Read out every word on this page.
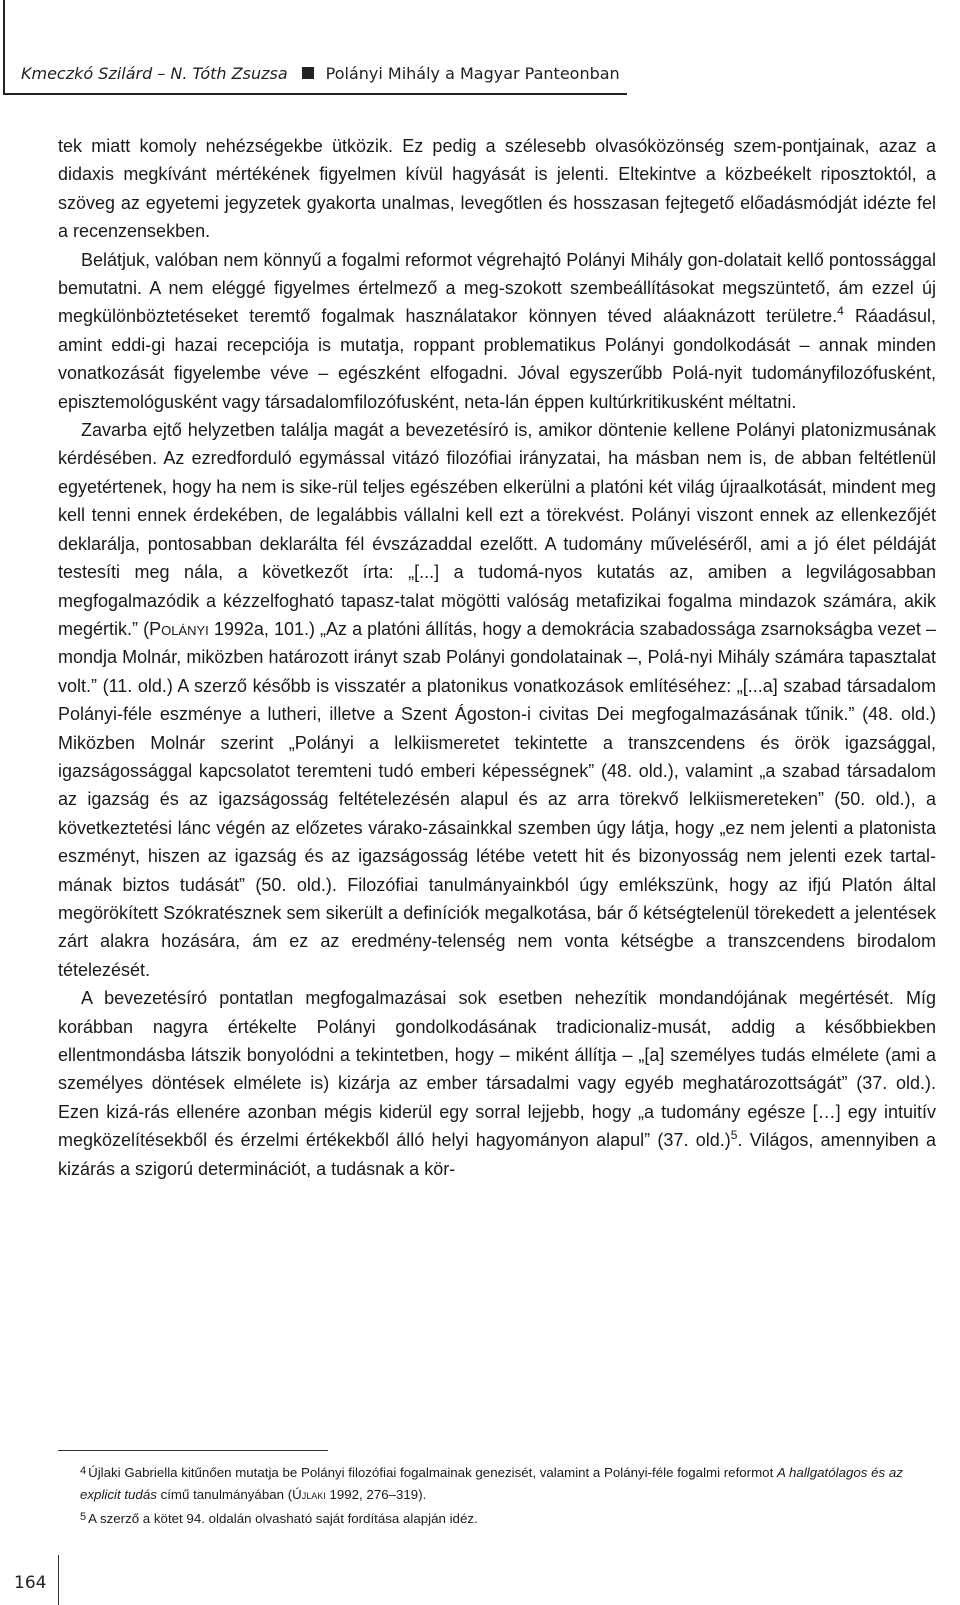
Kmeczkó Szilárd – N. Tóth Zsuzsa Polányi Mihály a Magyar Panteonban

tek miatt komoly nehézségekbe ütközik. Ez pedig a szélesebb olvasóközönség szem-pontjainak, azaz a didaxis megkívánt mértékének figyelmen kívül hagyását is jelenti. Eltekintve a közbeékelt riposztoktól, a szöveg az egyetemi jegyzetek gyakorta unalmas, levegőtlen és hosszasan fejtegető előadásmódját idézte fel a recenzensekben.

Belátjuk, valóban nem könnyű a fogalmi reformot végrehajtó Polányi Mihály gon-dolatait kellő pontossággal bemutatni. A nem eléggé figyelmes értelmező a meg-szokott szembeállításokat megszüntető, ám ezzel új megkülönböztetéseket teremtő fogalmak használatakor könnyen téved aláaknázott területre.$^4$ Ráadásul, amint eddi-gi hazai recepciója is mutatja, roppant problematikus Polányi gondolkodását – annak minden vonatkozását figyelembe véve – egészként elfogadni. Jóval egyszerűbb Polá-nyit tudományfilozófusként, episztemológusként vagy társadalomfilozófusként, neta-lán éppen kultúrkritikusként méltatni.

Zavarba ejtő helyzetben találja magát a bevezetésíró is, amikor döntenie kellene Polányi platonizmusának kérdésében. Az ezredforduló egymással vitázó filozófiai irányzatai, ha másban nem is, de abban feltétlenül egyetértenek, hogy ha nem is sike-rül teljes egészében elkerülni a platóni két világ újraalkotását, mindent meg kell tenni ennek érdekében, de legalábbis vállalni kell ezt a törekvést. Polányi viszont ennek az ellenkezőjét deklarálja, pontosabban deklarálta fél évszázaddal ezelőtt. A tudomány műveléséről, ami a jó élet példáját testesíti meg nála, a következőt írta: „[...] a tudomá-nyos kutatás az, amiben a legvilágosabban megfogalmazódik a kézzelfogható tapasz-talat mögötti valóság metafizikai fogalma mindazok számára, akik megértik.” (Polányi 1992a, 101.) „Az a platóni állítás, hogy a demokrácia szabadossága zsarnokságba vezet – mondja Molnár, miközben határozott irányt szab Polányi gondolatainak –, Polá-nyi Mihály számára tapasztalat volt.” (11. old.) A szerző később is visszatér a platonikus vonatkozások említéséhez: „[...a] szabad társadalom Polányi-féle eszménye a lutheri, illetve a Szent Ágoston-i civitas Dei megfogalmazásának tűnik.” (48. old.) Miközben Molnár szerint „Polányi a lelkiismeretet tekintette a transzcendens és örök igazsággal, igazságossággal kapcsolatot teremteni tudó emberi képességnek” (48. old.), valamint „a szabad társadalom az igazság és az igazságosság feltételezésén alapul és az arra törekvő lelkiismereteken” (50. old.), a következtetési lánc végén az előzetes várako-zásainkkal szemben úgy látja, hogy „ez nem jelenti a platonista eszményt, hiszen az igazság és az igazságosság létébe vetett hit és bizonyosság nem jelenti ezek tartal-mának biztos tudását” (50. old.). Filozófiai tanulmányainkból úgy emlékszünk, hogy az ifjú Platón által megörökített Szókratésznek sem sikerült a definíciók megalkotása, bár ő kétségtelenül törekedett a jelentések zárt alakra hozására, ám ez az eredmény-telenség nem vonta kétségbe a transzcendens birodalom tételezését.

A bevezetésíró pontatlan megfogalmazásai sok esetben nehezítik mondandójának megértését. Míg korábban nagyra értékelte Polányi gondolkodásának tradicionaliz-musát, addig a későbbiekben ellentmondásba látszik bonyolódni a tekintetben, hogy – miként állítja – „[a] személyes tudás elmélete (ami a személyes döntések elmélete is) kizárja az ember társadalmi vagy egyéb meghatározottságát” (37. old.). Ezen kizá-rás ellenére azonban mégis kiderül egy sorral lejjebb, hogy „a tudomány egésze […] egy intuitív megközelítésekből és érzelmi értékekből álló helyi hagyományon alapul” (37. old.)$^5$. Világos, amennyiben a kizárás a szigorú determinációt, a tudásnak a kör-

$^4$ Újlaki Gabriella kitűnően mutatja be Polányi filozófiai fogalmainak genezisét, valamint a Polányi-féle fogalmi reformot A hallgatólagos és az explicit tudás című tanulmányában (Újlaki 1992, 276–319).

$^5$ A szerző a kötet 94. oldalán olvasható saját fordítása alapján idéz.

164
